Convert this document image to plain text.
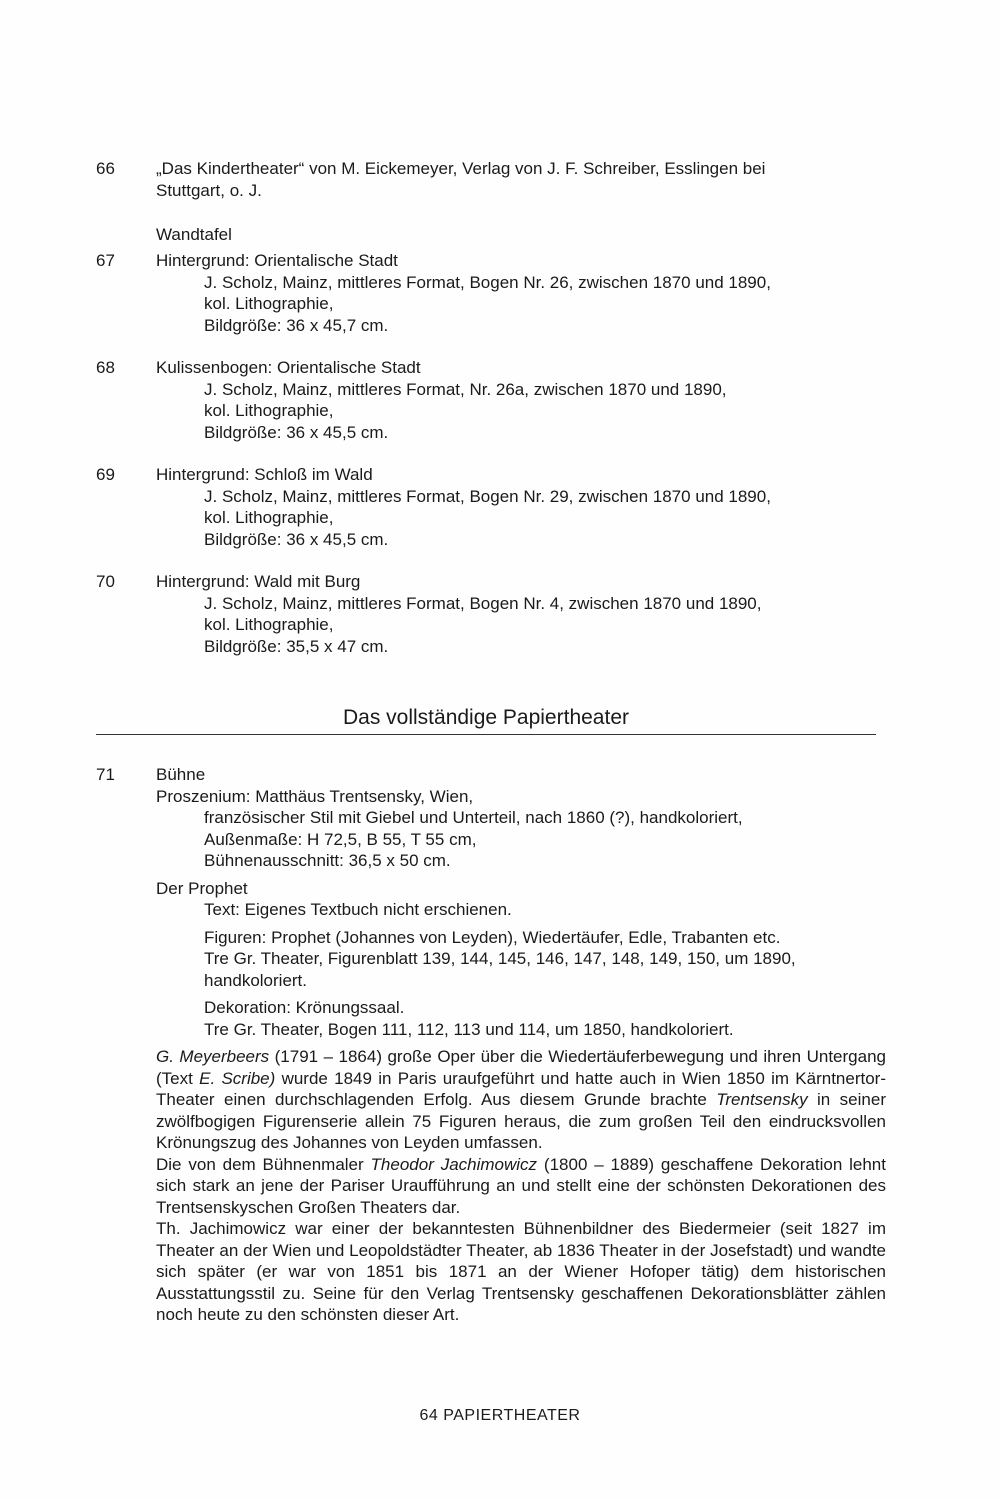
66	„Das Kindertheater“ von M. Eickemeyer, Verlag von J. F. Schreiber, Esslingen bei
Stuttgart, o. J.
Wandtafel
67	Hintergrund: Orientalische Stadt
J. Scholz, Mainz, mittleres Format, Bogen Nr. 26, zwischen 1870 und 1890,
kol. Lithographie,
Bildgröße: 36 x 45,7 cm.
68	Kulissenbogen: Orientalische Stadt
J. Scholz, Mainz, mittleres Format, Nr. 26a, zwischen 1870 und 1890,
kol. Lithographie,
Bildgröße: 36 x 45,5 cm.
69	Hintergrund: Schloß im Wald
J. Scholz, Mainz, mittleres Format, Bogen Nr. 29, zwischen 1870 und 1890,
kol. Lithographie,
Bildgröße: 36 x 45,5 cm.
70	Hintergrund: Wald mit Burg
J. Scholz, Mainz, mittleres Format, Bogen Nr. 4, zwischen 1870 und 1890,
kol. Lithographie,
Bildgröße: 35,5 x 47 cm.
Das vollständige Papiertheater
71	Bühne
Proszenium: Matthäus Trentsensky, Wien,
französischer Stil mit Giebel und Unterteil, nach 1860 (?), handkoloriert,
Außenmaße: H 72,5, B 55, T 55 cm,
Bühnenausschnitt: 36,5 x 50 cm.
Der Prophet
Text: Eigenes Textbuch nicht erschienen.
Figuren: Prophet (Johannes von Leyden), Wiedertäufer, Edle, Trabanten etc.
Tre Gr. Theater, Figurenblatt 139, 144, 145, 146, 147, 148, 149, 150, um 1890,
handkoloriert.
Dekoration: Krönungssaal.
Tre Gr. Theater, Bogen 111, 112, 113 und 114, um 1850, handkoloriert.
G. Meyerbeers (1791 – 1864) große Oper über die Wiedertäuferbewegung und ihren Untergang (Text E. Scribe) wurde 1849 in Paris uraufgeführt und hatte auch in Wien 1850 im Kärntnertor-Theater einen durchschlagenden Erfolg. Aus diesem Grunde brachte Trentsensky in seiner zwölfbogigen Figurenserie allein 75 Figuren heraus, die zum großen Teil den eindrucksvollen Krönungszug des Johannes von Leyden umfassen.
Die von dem Bühnenmaler Theodor Jachimowicz (1800 – 1889) geschaffene Dekoration lehnt sich stark an jene der Pariser Uraufführung an und stellt eine der schönsten Dekorationen des Trentsenskyschen Großen Theaters dar.
Th. Jachimowicz war einer der bekanntesten Bühnenbildner des Biedermeier (seit 1827 im Theater an der Wien und Leopoldstädter Theater, ab 1836 Theater in der Josefstadt) und wandte sich später (er war von 1851 bis 1871 an der Wiener Hofoper tätig) dem historischen Ausstattungsstil zu. Seine für den Verlag Trentsensky geschaffenen Dekorationsblätter zählen noch heute zu den schönsten dieser Art.
64 PAPIERTHEATER
